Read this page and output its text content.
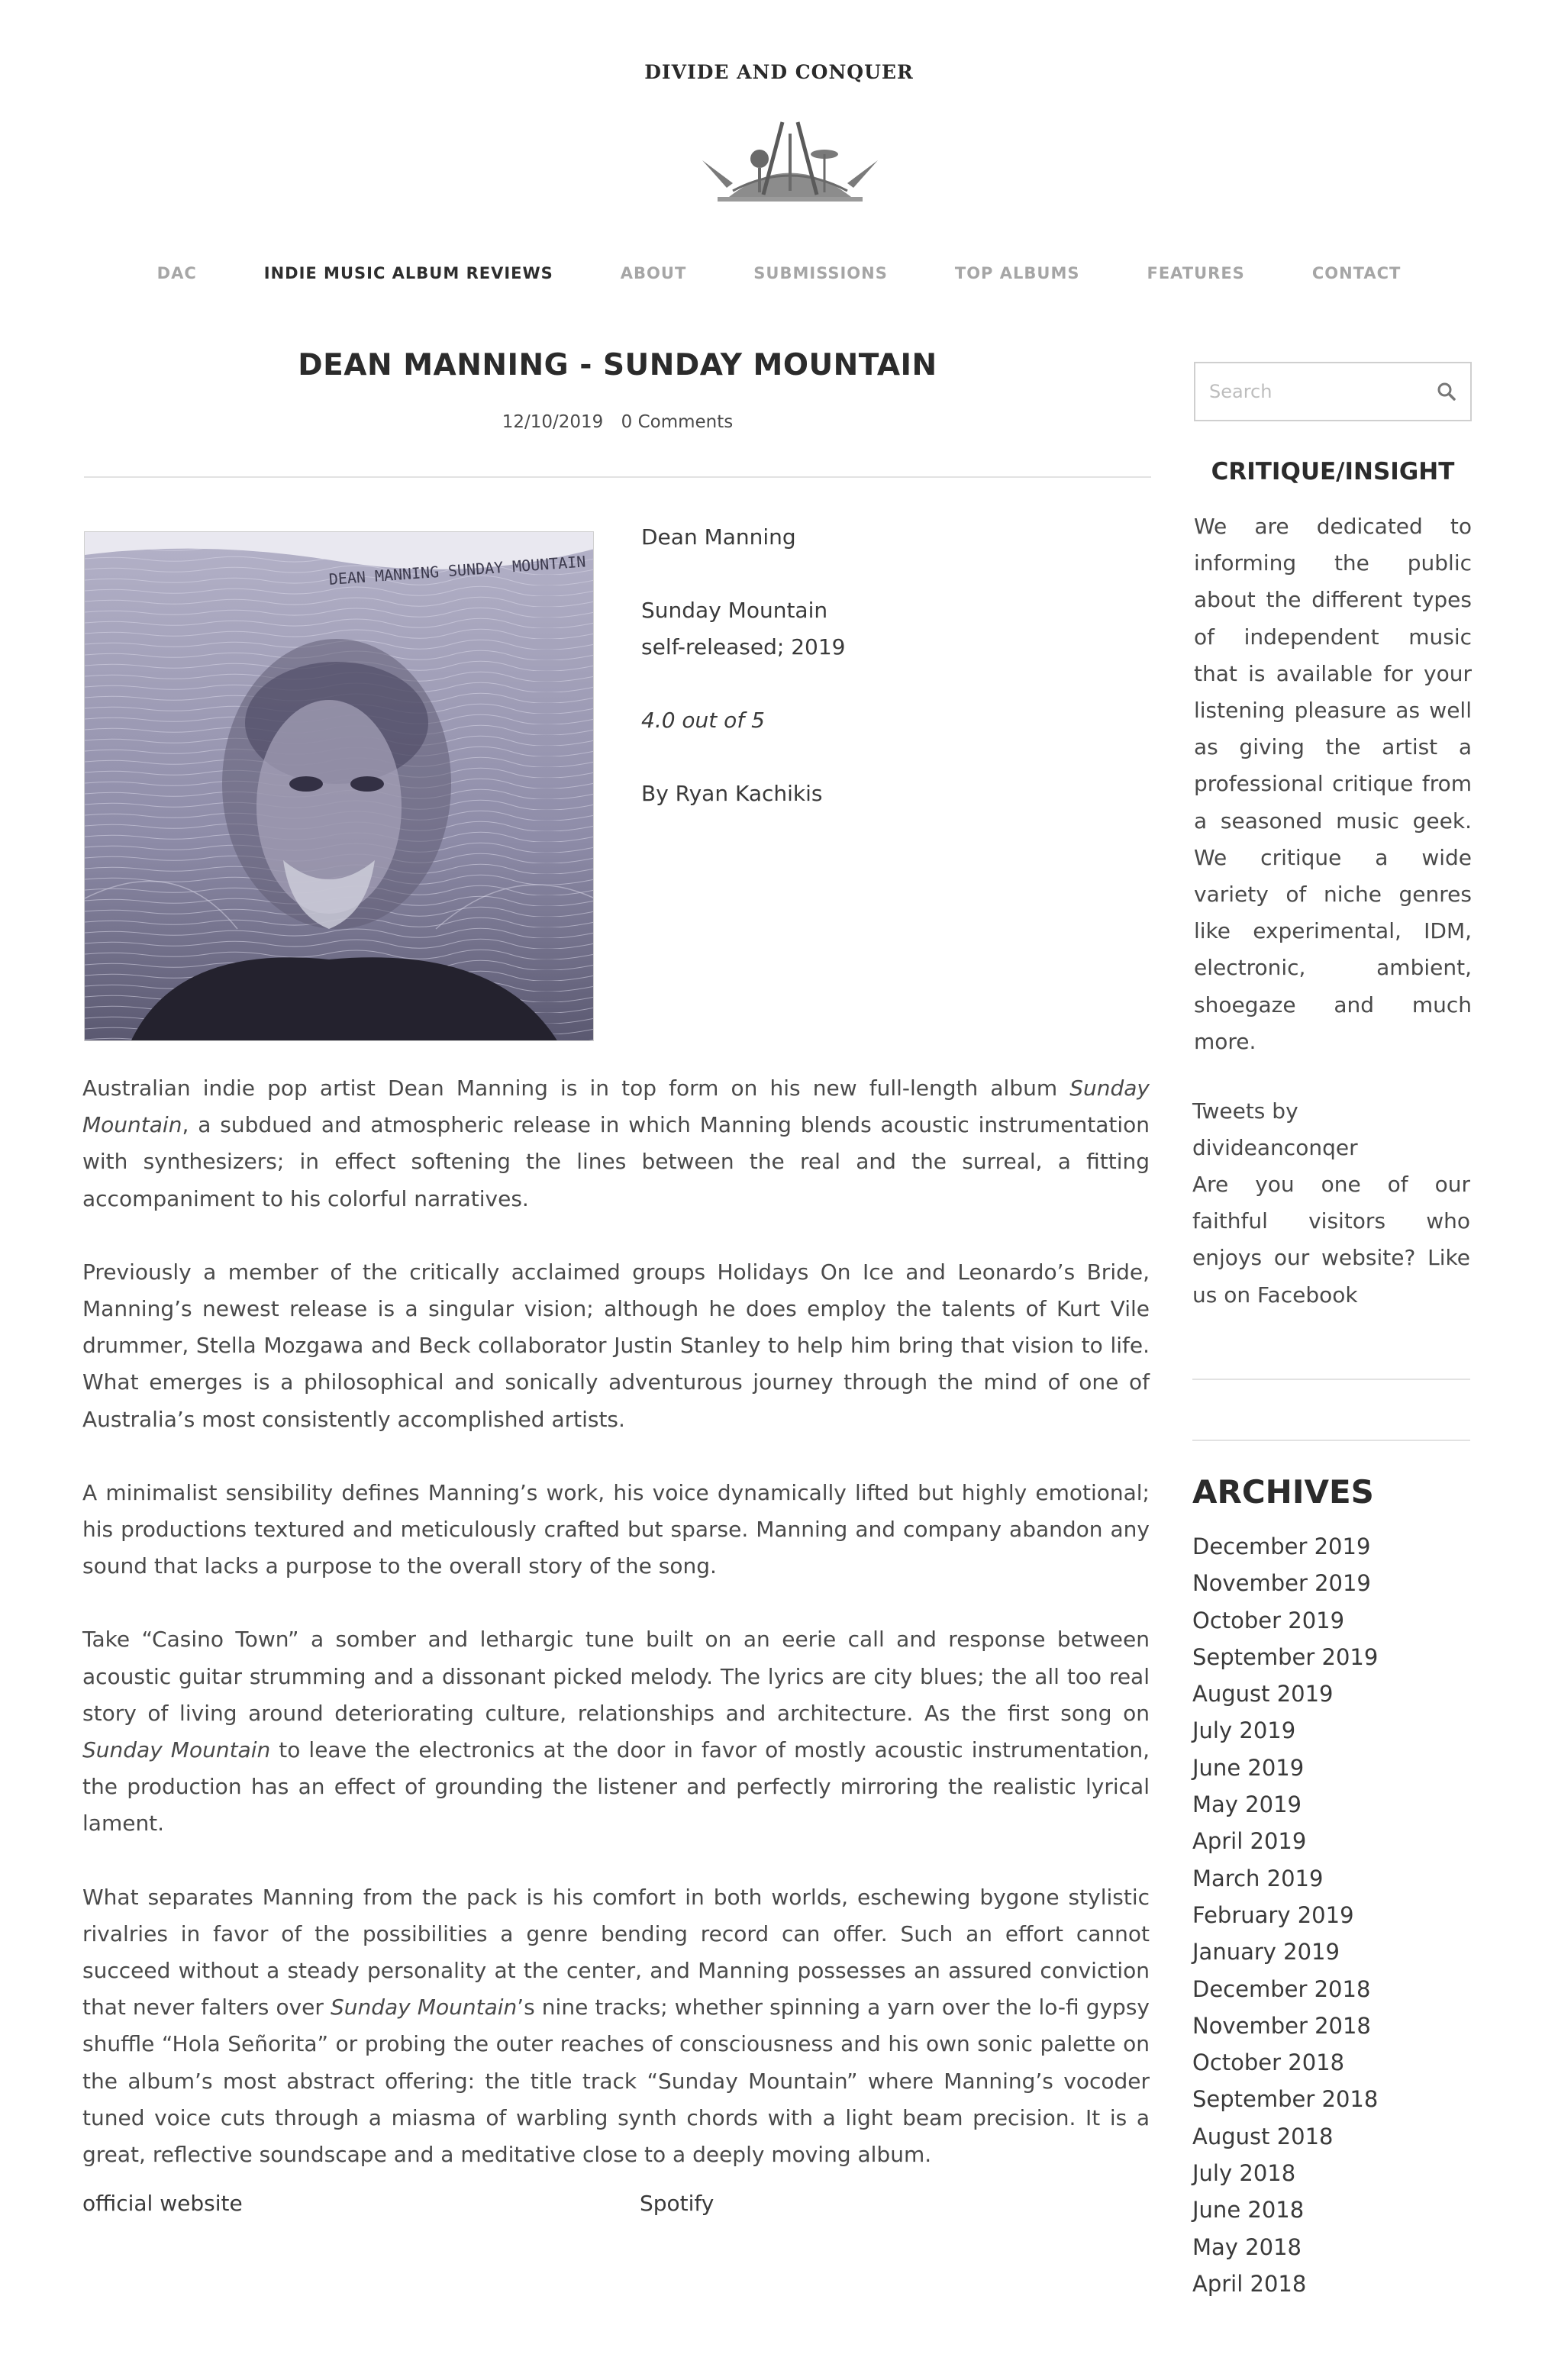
DIVIDE AND CONQUER
DAC	INDIE MUSIC ALBUM REVIEWS	ABOUT	SUBMISSIONS	TOP ALBUMS	FEATURES	CONTACT
DEAN MANNING - SUNDAY MOUNTAIN
12/10/2019 0 Comments
DEAN MANNING SUNDAY MOUNTAIN

Dean Manning

Sunday Mountain
self-released; 2019

4.0 out of 5

By Ryan Kachikis

Australian indie pop artist Dean Manning is in top form on his new full-length album Sunday Mountain, a subdued and atmospheric release in which Manning blends acoustic instrumentation with synthesizers; in effect softening the lines between the real and the surreal, a fitting accompaniment to his colorful narratives.

Previously a member of the critically acclaimed groups Holidays On Ice and Leonardo’s Bride, Manning’s newest release is a singular vision; although he does employ the talents of Kurt Vile drummer, Stella Mozgawa and Beck collaborator Justin Stanley to help him bring that vision to life. What emerges is a philosophical and sonically adventurous journey through the mind of one of Australia’s most consistently accomplished artists.

A minimalist sensibility defines Manning’s work, his voice dynamically lifted but highly emotional; his productions textured and meticulously crafted but sparse. Manning and company abandon any sound that lacks a purpose to the overall story of the song.

Take “Casino Town” a somber and lethargic tune built on an eerie call and response between acoustic guitar strumming and a dissonant picked melody. The lyrics are city blues; the all too real story of living around deteriorating culture, relationships and architecture. As the first song on Sunday Mountain to leave the electronics at the door in favor of mostly acoustic instrumentation, the production has an effect of grounding the listener and perfectly mirroring the realistic lyrical lament.

What separates Manning from the pack is his comfort in both worlds, eschewing bygone stylistic rivalries in favor of the possibilities a genre bending record can offer. Such an effort cannot succeed without a steady personality at the center, and Manning possesses an assured conviction that never falters over Sunday Mountain’s nine tracks; whether spinning a yarn over the lo-fi gypsy shuffle “Hola Señorita” or probing the outer reaches of consciousness and his own sonic palette on the album’s most abstract offering: the title track “Sunday Mountain” where Manning’s vocoder tuned voice cuts through a miasma of warbling synth chords with a light beam precision. It is a great, reflective soundscape and a meditative close to a deeply moving album.

official website	Spotify
Search
CRITIQUE/INSIGHT
We are dedicated to informing the public about the different types of independent music that is available for your listening pleasure as well as giving the artist a professional critique from a seasoned music geek. We critique a wide variety of niche genres like experimental, IDM, electronic, ambient, shoegaze and much more.
Tweets by divideanconqer
Are you one of our faithful visitors who enjoys our website? Like us on Facebook
ARCHIVES
December 2019
November 2019
October 2019
September 2019
August 2019
July 2019
June 2019
May 2019
April 2019
March 2019
February 2019
January 2019
December 2018
November 2018
October 2018
September 2018
August 2018
July 2018
June 2018
May 2018
April 2018
